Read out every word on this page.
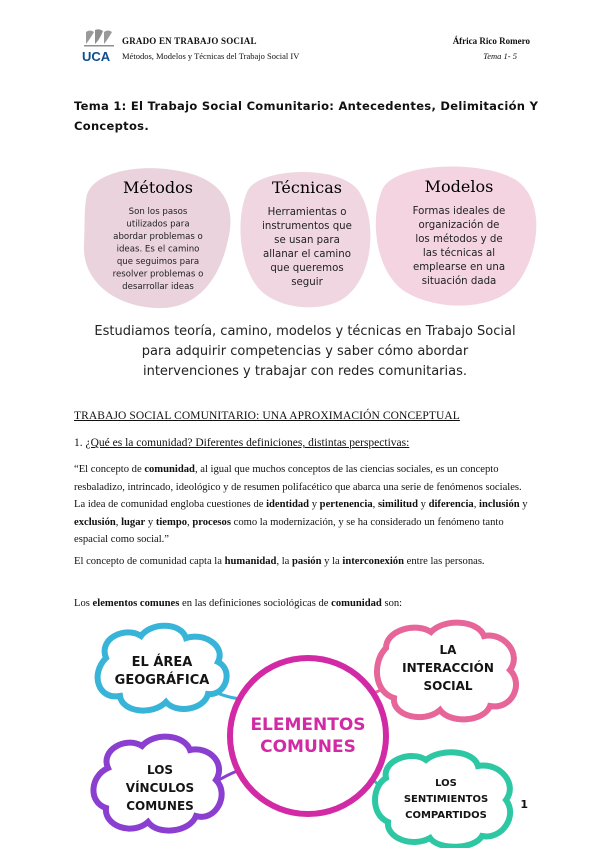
UCA
GRADO EN TRABAJO SOCIAL
Métodos, Modelos y Técnicas del Trabajo Social IV
África Rico Romero
Tema 1- 5
Tema 1: El Trabajo Social Comunitario: Antecedentes, Delimitación Y Conceptos.
Métodos	Técnicas	Modelos
Son los pasos
utilizados para
abordar problemas o
ideas. Es el camino
que seguimos para
resolver problemas o
desarrollar ideas
Herramientas o
instrumentos que
se usan para
allanar el camino
que queremos
seguir
Formas ideales de
organización de
los métodos y de
las técnicas al
emplearse en una
situación dada
Estudiamos teoría, camino, modelos y técnicas en Trabajo Social
para adquirir competencias y saber cómo abordar
intervenciones y trabajar con redes comunitarias.
TRABAJO SOCIAL COMUNITARIO: UNA APROXIMACIÓN CONCEPTUAL
1. ¿Qué es la comunidad? Diferentes definiciones, distintas perspectivas:
“El concepto de comunidad, al igual que muchos conceptos de las ciencias sociales, es un concepto resbaladizo, intrincado, ideológico y de resumen polifacético que abarca una serie de fenómenos sociales. La idea de comunidad engloba cuestiones de identidad y pertenencia, similitud y diferencia, inclusión y exclusión, lugar y tiempo, procesos como la modernización, y se ha considerado un fenómeno tanto espacial como social.”
El concepto de comunidad capta la humanidad, la pasión y la interconexión entre las personas.
Los elementos comunes en las definiciones sociológicas de comunidad son:
ELEMENTOS
COMUNES
EL ÁREA
GEOGRÁFICA
LA
INTERACCIÓN
SOCIAL
LOS
VÍNCULOS
COMUNES
LOS
SENTIMIENTOS
COMPARTIDOS
1
